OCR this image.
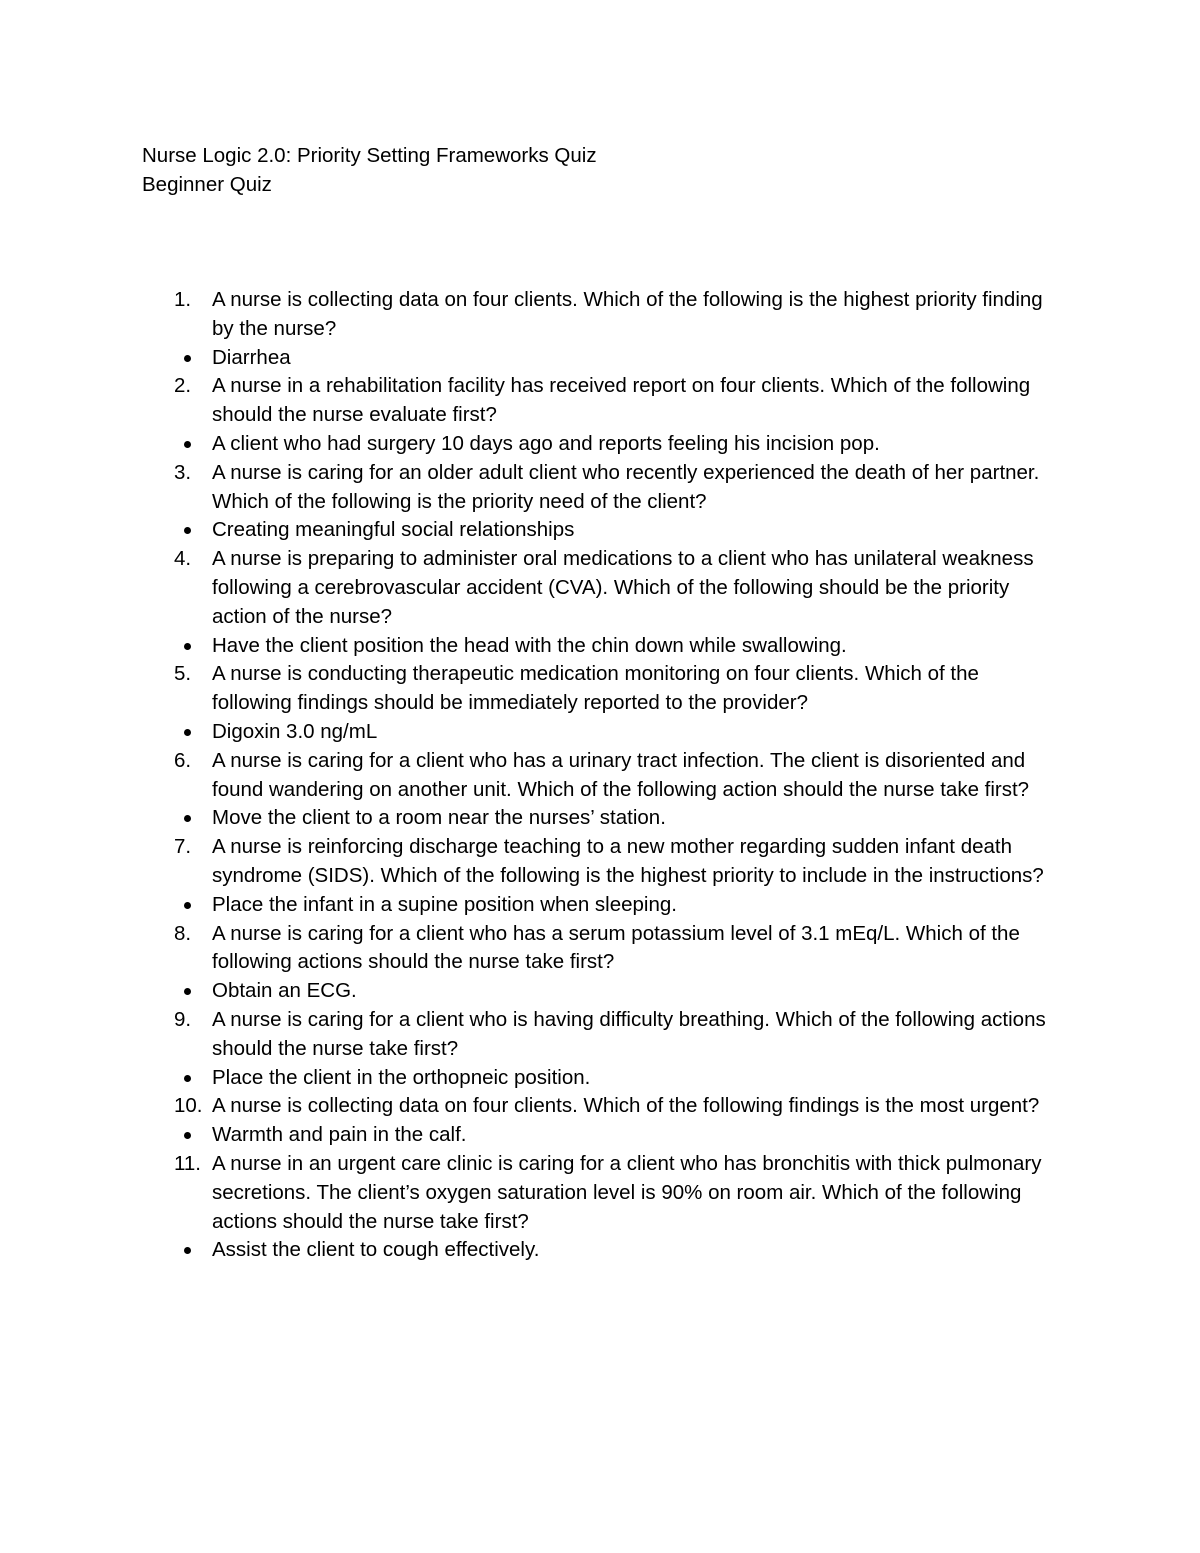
Nurse Logic 2.0: Priority Setting Frameworks Quiz
Beginner Quiz
1. A nurse is collecting data on four clients. Which of the following is the highest priority finding by the nurse?
Diarrhea
2. A nurse in a rehabilitation facility has received report on four clients. Which of the following should the nurse evaluate first?
A client who had surgery 10 days ago and reports feeling his incision pop.
3. A nurse is caring for an older adult client who recently experienced the death of her partner. Which of the following is the priority need of the client?
Creating meaningful social relationships
4. A nurse is preparing to administer oral medications to a client who has unilateral weakness following a cerebrovascular accident (CVA). Which of the following should be the priority action of the nurse?
Have the client position the head with the chin down while swallowing.
5. A nurse is conducting therapeutic medication monitoring on four clients. Which of the following findings should be immediately reported to the provider?
Digoxin 3.0 ng/mL
6. A nurse is caring for a client who has a urinary tract infection. The client is disoriented and found wandering on another unit. Which of the following action should the nurse take first?
Move the client to a room near the nurses’ station.
7. A nurse is reinforcing discharge teaching to a new mother regarding sudden infant death syndrome (SIDS). Which of the following is the highest priority to include in the instructions?
Place the infant in a supine position when sleeping.
8. A nurse is caring for a client who has a serum potassium level of 3.1 mEq/L. Which of the following actions should the nurse take first?
Obtain an ECG.
9. A nurse is caring for a client who is having difficulty breathing. Which of the following actions should the nurse take first?
Place the client in the orthopneic position.
10. A nurse is collecting data on four clients. Which of the following findings is the most urgent?
Warmth and pain in the calf.
11. A nurse in an urgent care clinic is caring for a client who has bronchitis with thick pulmonary secretions. The client’s oxygen saturation level is 90% on room air. Which of the following actions should the nurse take first?
Assist the client to cough effectively.
